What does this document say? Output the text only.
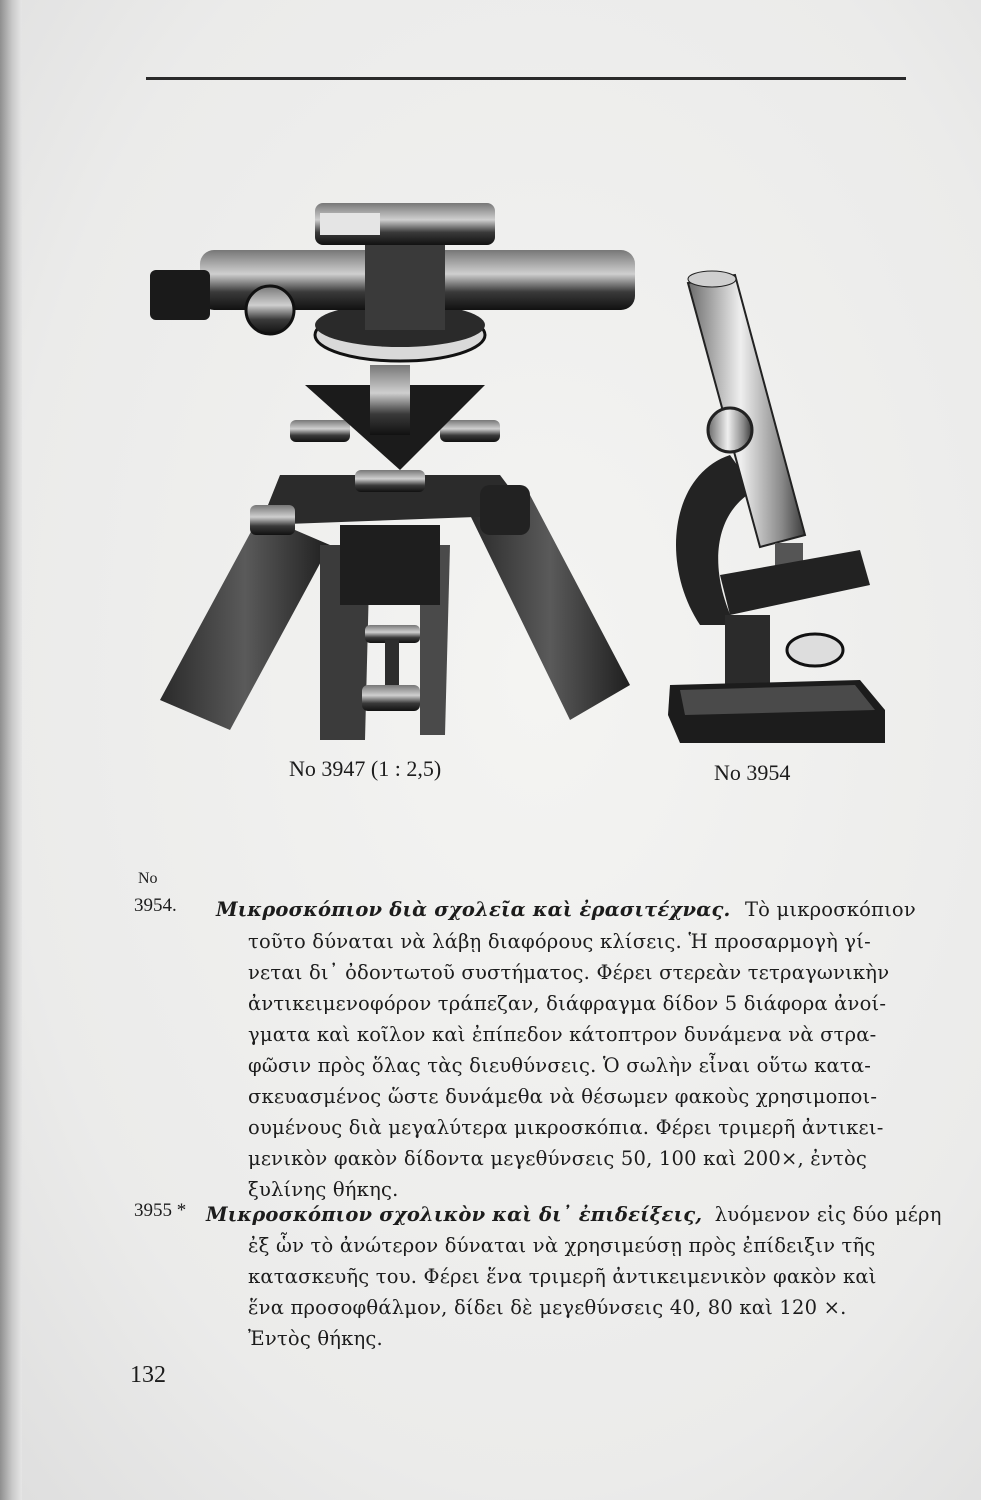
No 3947 (1 : 2,5)	No 3954
No
3954. Μικροσκόπιον διὰ σχολεῖα καὶ ἐρασιτέχνας. Τὸ μικροσκόπιον
τοῦτο δύναται νὰ λάβῃ διαφόρους κλίσεις. Ἡ προσαρμογὴ γί-
νεται δι᾽ ὀδοντωτοῦ συστήματος. Φέρει στερεὰν τετραγωνικὴν
ἀντικειμενοφόρον τράπεζαν, διάφραγμα δίδον 5 διάφορα ἀνοί-
γματα καὶ κοῖλον καὶ ἐπίπεδον κάτοπτρον δυνάμενα νὰ στρα-
φῶσιν πρὸς ὅλας τὰς διευθύνσεις. Ὁ σωλὴν εἶναι οὕτω κατα-
σκευασμένος ὥστε δυνάμεθα νὰ θέσωμεν φακοὺς χρησιμοποι-
ουμένους διὰ μεγαλύτερα μικροσκόπια. Φέρει τριμερῆ ἀντικει-
μενικὸν φακὸν δίδοντα μεγεθύνσεις 50, 100 καὶ 200×, ἐντὸς
ξυλίνης θήκης.
3955 * Μικροσκόπιον σχολικὸν καὶ δι᾽ ἐπιδείξεις, λυόμενον εἰς δύο μέρη
ἐξ ὧν τὸ ἀνώτερον δύναται νὰ χρησιμεύσῃ πρὸς ἐπίδειξιν τῆς
κατασκευῆς του. Φέρει ἕνα τριμερῆ ἀντικειμενικὸν φακὸν καὶ
ἕνα προσοφθάλμον, δίδει δὲ μεγεθύνσεις 40, 80 καὶ 120 ×.
Ἐντὸς θήκης.
132
